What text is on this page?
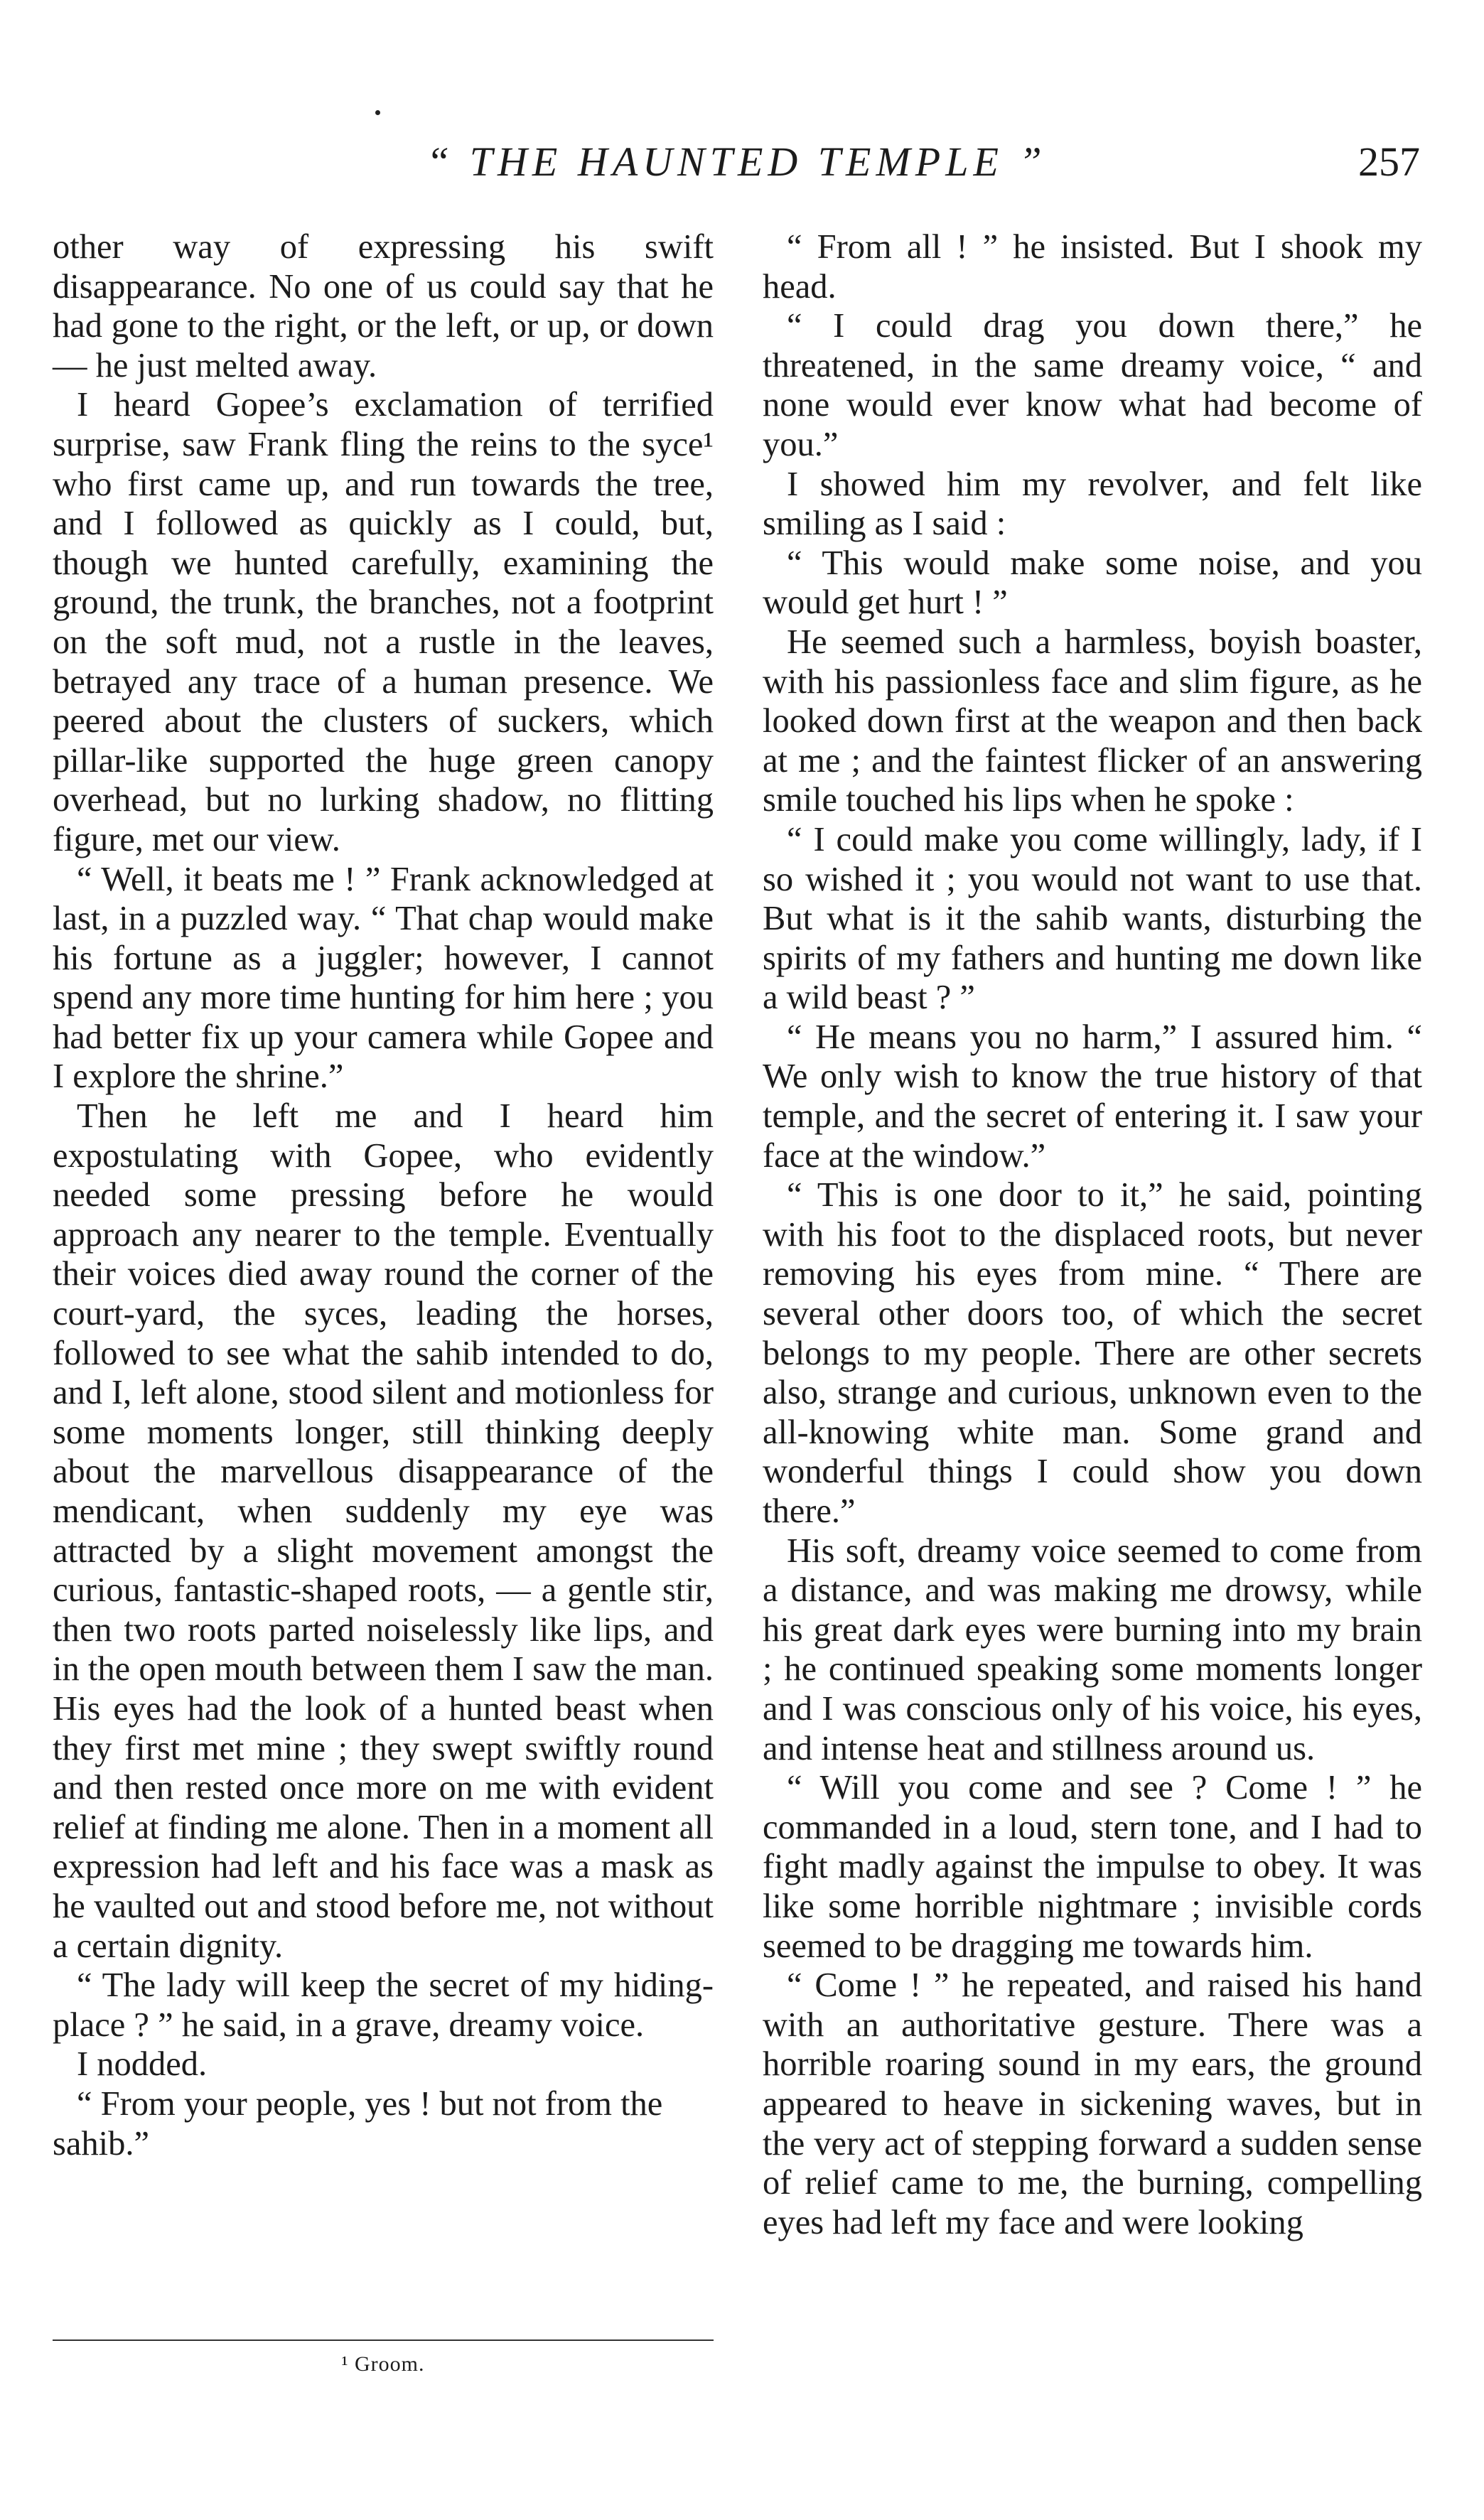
“ THE HAUNTED TEMPLE ”	257

other way of expressing his swift disappearance. No one of us could say that he had gone to the right, or the left, or up, or down — he just melted away.

I heard Gopee’s exclamation of terrified surprise, saw Frank fling the reins to the syce¹ who first came up, and run towards the tree, and I followed as quickly as I could, but, though we hunted carefully, examining the ground, the trunk, the branches, not a footprint on the soft mud, not a rustle in the leaves, betrayed any trace of a human presence. We peered about the clusters of suckers, which pillar-like supported the huge green canopy overhead, but no lurking shadow, no flitting figure, met our view.

“ Well, it beats me ! ” Frank acknowledged at last, in a puzzled way. “ That chap would make his fortune as a juggler; however, I cannot spend any more time hunting for him here ; you had better fix up your camera while Gopee and I explore the shrine.”

Then he left me and I heard him expostulating with Gopee, who evidently needed some pressing before he would approach any nearer to the temple. Eventually their voices died away round the corner of the court-yard, the syces, leading the horses, followed to see what the sahib intended to do, and I, left alone, stood silent and motionless for some moments longer, still thinking deeply about the marvellous disappearance of the mendicant, when suddenly my eye was attracted by a slight movement amongst the curious, fantastic-shaped roots, — a gentle stir, then two roots parted noiselessly like lips, and in the open mouth between them I saw the man. His eyes had the look of a hunted beast when they first met mine ; they swept swiftly round and then rested once more on me with evident relief at finding me alone. Then in a moment all expression had left and his face was a mask as he vaulted out and stood before me, not without a certain dignity.

“ The lady will keep the secret of my hiding-place ? ” he said, in a grave, dreamy voice.

I nodded.

“ From your people, yes ! but not from the sahib.”

¹ Groom.

“ From all ! ” he insisted. But I shook my head.

“ I could drag you down there,” he threatened, in the same dreamy voice, “ and none would ever know what had become of you.”

I showed him my revolver, and felt like smiling as I said :

“ This would make some noise, and you would get hurt ! ”

He seemed such a harmless, boyish boaster, with his passionless face and slim figure, as he looked down first at the weapon and then back at me ; and the faintest flicker of an answering smile touched his lips when he spoke :

“ I could make you come willingly, lady, if I so wished it ; you would not want to use that. But what is it the sahib wants, disturbing the spirits of my fathers and hunting me down like a wild beast ? ”

“ He means you no harm,” I assured him. “ We only wish to know the true history of that temple, and the secret of entering it. I saw your face at the window.”

“ This is one door to it,” he said, pointing with his foot to the displaced roots, but never removing his eyes from mine. “ There are several other doors too, of which the secret belongs to my people. There are other secrets also, strange and curious, unknown even to the all-knowing white man. Some grand and wonderful things I could show you down there.”

His soft, dreamy voice seemed to come from a distance, and was making me drowsy, while his great dark eyes were burning into my brain ; he continued speaking some moments longer and I was conscious only of his voice, his eyes, and intense heat and stillness around us.

“ Will you come and see ? Come ! ” he commanded in a loud, stern tone, and I had to fight madly against the impulse to obey. It was like some horrible nightmare ; invisible cords seemed to be dragging me towards him.

“ Come ! ” he repeated, and raised his hand with an authoritative gesture. There was a horrible roaring sound in my ears, the ground appeared to heave in sickening waves, but in the very act of stepping forward a sudden sense of relief came to me, the burning, compelling eyes had left my face and were looking
